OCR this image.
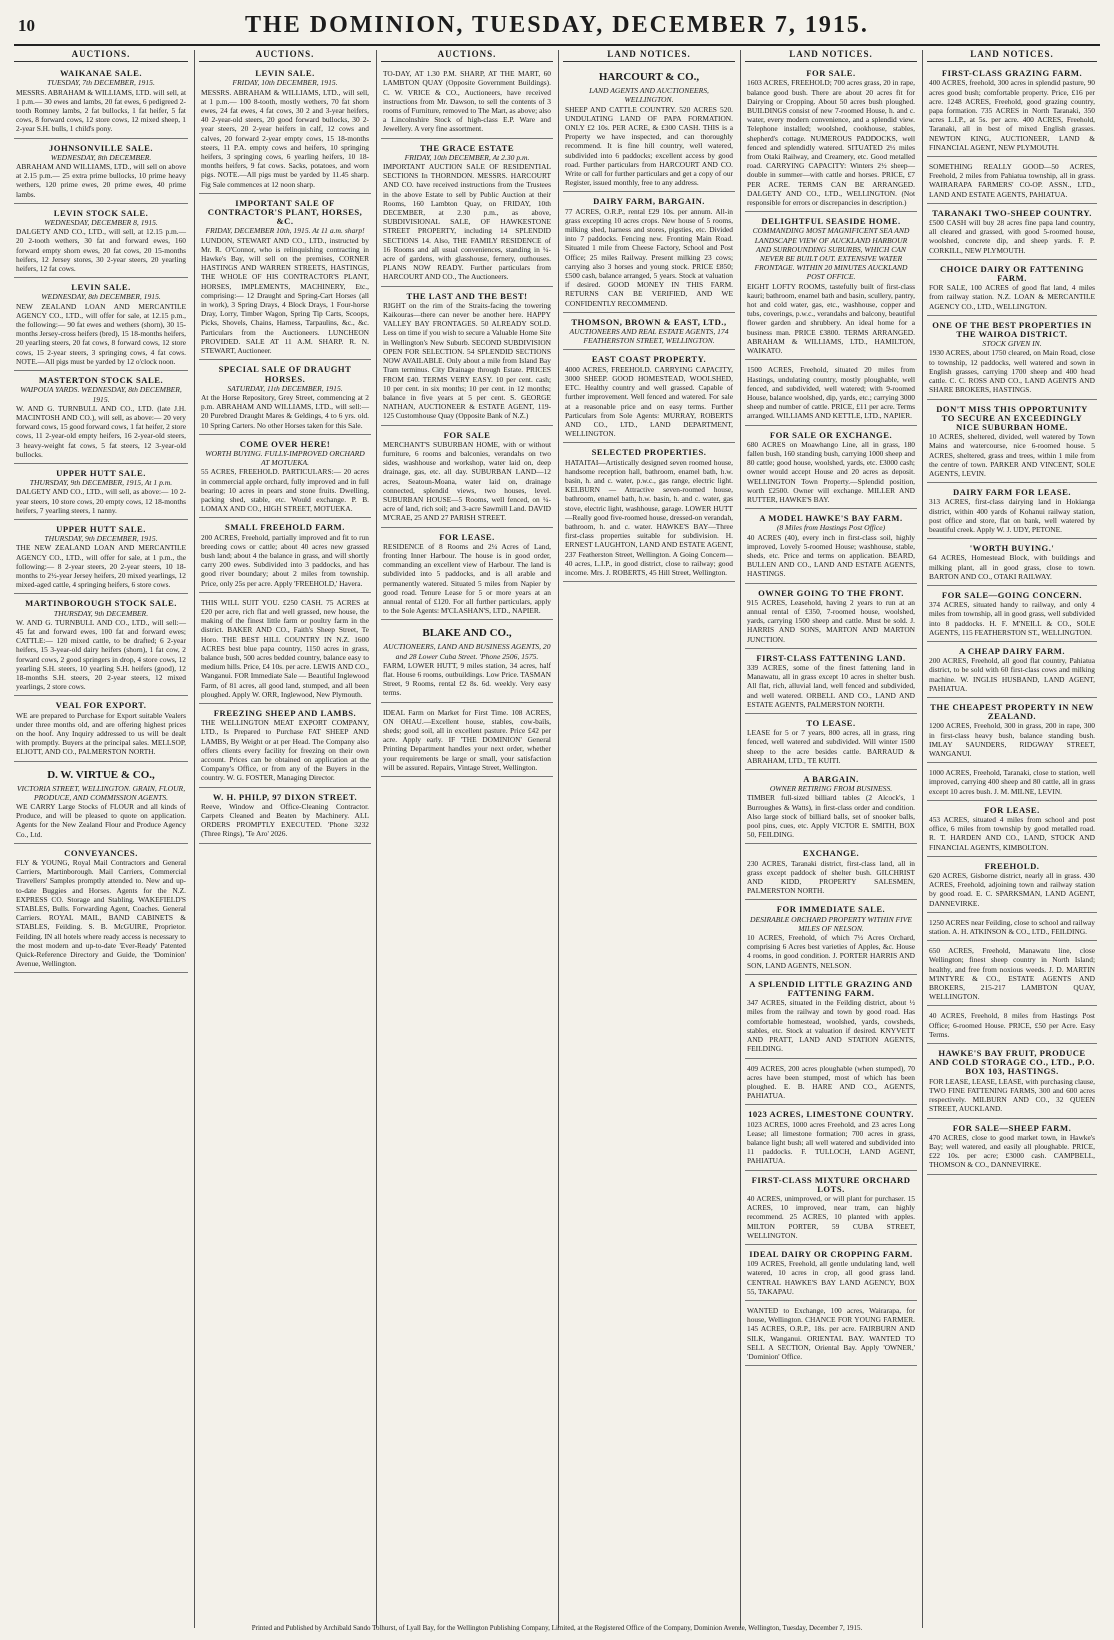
10	THE DOMINION, TUESDAY, DECEMBER 7, 1915.
AUCTIONS.
WAIKANAE SALE.
TUESDAY, 7th DECEMBER, 1915.
MESSRS. ABRAHAM & WILLIAMS, LTD. will sell, at 1 p.m.— 30 ewes and lambs, 20 fat ewes, 6 pedigreed 2-tooth Romney lambs, 2 fat bullocks, 1 fat heifer, 5 fat cows, 8 forward cows, 12 store cows, 12 mixed sheep, 1 2-year S.H. bulls, 1 child's pony.
JOHNSONVILLE SALE.
WEDNESDAY, 8th DECEMBER.
ABRAHAM AND WILLIAMS, LTD., will sell on above at 2.15 p.m.— 25 extra prime bullocks, 10 prime heavy wethers, 120 prime ewes, 20 prime ewes, 40 prime lambs.
LEVIN STOCK SALE.
WEDNESDAY, DECEMBER 8, 1915.
DALGETY AND CO., LTD., will sell, at 12.15 p.m.— 20 2-tooth wethers, 30 fat and forward ewes, 160 forward empty shorn ewes, 20 fat cows, 20 15-months heifers, 12 Jersey stores, 30 2-year steers, 20 yearling heifers, 12 fat cows.
LEVIN SALE.
WEDNESDAY, 8th DECEMBER, 1915.
NEW ZEALAND LOAN AND MERCANTILE AGENCY CO., LTD., will offer for sale, at 12.15 p.m., the following:— 90 fat ewes and wethers (shorn), 30 15-months Jersey-cross heifers (bred), 15 18-months heifers, 20 yearling steers, 20 fat cows, 8 forward cows, 12 store cows, 15 2-year steers, 3 springing cows, 4 fat cows. NOTE.—All pigs must be yarded by 12 o'clock noon.
MASTERTON STOCK SALE.
WAIPOUA YARDS. WEDNESDAY, 8th DECEMBER, 1915.
W. AND G. TURNBULL AND CO., LTD. (late J.H. MACINTOSH AND CO.), will sell, as above:— 20 very forward cows, 15 good forward cows, 1 fat heifer, 2 store cows, 11 2-year-old empty heifers, 16 2-year-old steers, 3 heavy-weight fat cows, 5 fat steers, 12 3-year-old bullocks.
UPPER HUTT SALE.
THURSDAY, 9th DECEMBER, 1915, At 1 p.m.
DALGETY AND CO., LTD., will sell, as above:— 10 2-year steers, 10 store cows, 20 empty cows, 12 18-months heifers, 7 yearling steers, 1 nanny.
UPPER HUTT SALE.
THURSDAY, 9th DECEMBER, 1915.
THE NEW ZEALAND LOAN AND MERCANTILE AGENCY CO., LTD., will offer for sale, at 1 p.m., the following:— 8 2-year steers, 20 2-year steers, 10 18-months to 2½-year Jersey heifers, 20 mixed yearlings, 12 mixed-aged cattle, 4 springing heifers, 6 store cows.
MARTINBOROUGH STOCK SALE.
THURSDAY, 9th DECEMBER.
W. AND G. TURNBULL AND CO., LTD., will sell:— 45 fat and forward ewes, 100 fat and forward ewes; CATTLE:— 120 mixed cattle, to be drafted; 6 2-year heifers, 15 3-year-old dairy heifers (shorn), 1 fat cow, 2 forward cows, 2 good springers in drop, 4 store cows, 12 yearling S.H. steers, 10 yearling S.H. heifers (good), 12 18-months S.H. steers, 20 2-year steers, 12 mixed yearlings, 2 store cows.
VEAL FOR EXPORT.
WE are prepared to Purchase for Export suitable Vealers under three months old, and are offering highest prices on the hoof. Any Inquiry addressed to us will be dealt with promptly. Buyers at the principal sales. MELLSOP, ELIOTT, AND CO., PALMERSTON NORTH.
D. W. VIRTUE & CO.,
VICTORIA STREET, WELLINGTON. GRAIN, FLOUR, PRODUCE, AND COMMISSION AGENTS.
WE CARRY Large Stocks of FLOUR and all kinds of Produce, and will be pleased to quote on application. Agents for the New Zealand Flour and Produce Agency Co., Ltd.
CONVEYANCES.
FLY & YOUNG, Royal Mail Contractors and General Carriers, Martinborough. Mail Carriers, Commercial Travellers' Samples promptly attended to. New and up-to-date Buggies and Horses. Agents for the N.Z. EXPRESS CO. Storage and Stabling. WAKEFIELD'S STABLES, Bulls. Forwarding Agent, Coaches. General Carriers. ROYAL MAIL, BAND CABINETS & STABLES, Feilding. S. B. McGUIRE, Proprietor. Feilding. IN all hotels where ready access is necessary to the most modern and up-to-date 'Ever-Ready' Patented Quick-Reference Directory and Guide, the 'Dominion' Avenue, Wellington.
AUCTIONS.
LEVIN SALE.
FRIDAY, 10th DECEMBER, 1915.
MESSRS. ABRAHAM & WILLIAMS, LTD., will sell, at 1 p.m.— 100 8-tooth, mostly wethers, 70 fat shorn ewes, 24 fat ewes, 4 fat cows, 30 2 and 3-year heifers, 40 2-year-old steers, 20 good forward bullocks, 30 2-year steers, 20 2-year heifers in calf, 12 cows and calves, 20 forward 2-year empty cows, 15 18-months steers, 11 P.A. empty cows and heifers, 10 springing heifers, 3 springing cows, 6 yearling heifers, 10 18-months heifers, 9 fat cows. Sacks, potatoes, and worn pigs. NOTE.—All pigs must be yarded by 11.45 sharp. Fig Sale commences at 12 noon sharp.
IMPORTANT SALE OF CONTRACTOR'S PLANT, HORSES, &C.
FRIDAY, DECEMBER 10th, 1915. At 11 a.m. sharp!
LUNDON, STEWART AND CO., LTD., instructed by Mr. R. O'Connor, who is relinquishing contracting in Hawke's Bay, will sell on the premises, CORNER HASTINGS AND WARREN STREETS, HASTINGS, THE WHOLE OF HIS CONTRACTOR'S PLANT, HORSES, IMPLEMENTS, MACHINERY, Etc., comprising:— 12 Draught and Spring-Cart Horses (all in work), 3 Spring Drays, 4 Block Drays, 1 Four-horse Dray, Lorry, Timber Wagon, Spring Tip Carts, Scoops, Picks, Shovels, Chains, Harness, Tarpaulins, &c., &c. Particulars from the Auctioneers. LUNCHEON PROVIDED. SALE AT 11 A.M. SHARP. R. N. STEWART, Auctioneer.
SPECIAL SALE OF DRAUGHT HORSES.
SATURDAY, 11th DECEMBER, 1915.
At the Horse Repository, Grey Street, commencing at 2 p.m. ABRAHAM AND WILLIAMS, LTD., will sell:— 20 Purebred Draught Mares & Geldings, 4 to 6 yrs. old. 10 Spring Carters. No other Horses taken for this Sale.
COME OVER HERE!
WORTH BUYING. FULLY-IMPROVED ORCHARD AT MOTUEKA.
55 ACRES, FREEHOLD. PARTICULARS:— 20 acres in commercial apple orchard, fully improved and in full bearing; 10 acres in pears and stone fruits. Dwelling, packing shed, stable, etc. Would exchange. P. B. LOMAX AND CO., HIGH STREET, MOTUEKA.
SMALL FREEHOLD FARM.
200 ACRES, Freehold, partially improved and fit to run breeding cows or cattle; about 40 acres new grassed bush land; about 4 the balance in grass, and will shortly carry 200 ewes. Subdivided into 3 paddocks, and has good river boundary; about 2 miles from township. Price, only 25s per acre. Apply 'FREEHOLD,' Havera.
THIS WILL SUIT YOU. £250 CASH. 75 ACRES at £20 per acre, rich flat and well grassed, new house, the making of the finest little farm or poultry farm in the district. BAKER AND CO., Faith's Sheep Street, Te Horo. THE BEST HILL COUNTRY IN N.Z. 1600 ACRES best blue papa country, 1150 acres in grass, balance bush, 500 acres bedded country, balance easy to medium hills. Price, £4 10s. per acre. LEWIS AND CO., Wanganui. FOR Immediate Sale — Beautiful Inglewood Farm, of 81 acres, all good land, stumped, and all been ploughed. Apply W. ORR, Inglewood, New Plymouth.
FREEZING SHEEP AND LAMBS.
THE WELLINGTON MEAT EXPORT COMPANY, LTD., Is Prepared to Purchase FAT SHEEP AND LAMBS, By Weight or at per Head. The Company also offers clients every facility for freezing on their own account. Prices can be obtained on application at the Company's Office, or from any of the Buyers in the country. W. G. FOSTER, Managing Director.
W. H. PHILP, 97 DIXON STREET.
Reeve, Window and Office-Cleaning Contractor. Carpets Cleaned and Beaten by Machinery. ALL ORDERS PROMPTLY EXECUTED. 'Phone 3232 (Three Rings), 'Te Aro' 2026.
AUCTIONS.
TO-DAY, AT 1.30 P.M. SHARP, AT THE MART, 60 LAMBTON QUAY (Opposite Government Buildings). C. W. VRICE & CO., Auctioneers, have received instructions from Mr. Dawson, to sell the contents of 3 rooms of Furniture, removed to The Mart, as above; also a Lincolnshire Stock of high-class E.P. Ware and Jewellery. A very fine assortment.
THE GRACE ESTATE
FRIDAY, 10th DECEMBER, At 2.30 p.m.
IMPORTANT AUCTION SALE OF RESIDENTIAL SECTIONS In THORNDON. MESSRS. HARCOURT AND CO. have received instructions from the Trustees in the above Estate to sell by Public Auction at their Rooms, 160 Lambton Quay, on FRIDAY, 10th DECEMBER, at 2.30 p.m., as above, SUBDIVISIONAL SALE, OF HAWKESTONE STREET PROPERTY, including 14 SPLENDID SECTIONS 14. Also, THE FAMILY RESIDENCE of 16 Rooms and all usual conveniences, standing in ¼-acre of gardens, with glasshouse, fernery, outhouses. PLANS NOW READY. Further particulars from HARCOURT AND CO., The Auctioneers.
THE LAST AND THE BEST!
RIGHT on the rim of the Straits-facing the towering Kaikouras—there can never be another here. HAPPY VALLEY BAY FRONTAGES. 50 ALREADY SOLD. Less on time if you wish to secure a Valuable Home Site in Wellington's New Suburb. SECOND SUBDIVISION OPEN FOR SELECTION. 54 SPLENDID SECTIONS NOW AVAILABLE. Only about a mile from Island Bay Tram terminus. City Drainage through Estate. PRICES FROM £40. TERMS VERY EASY. 10 per cent. cash; 10 per cent. in six months; 10 per cent. in 12 months; balance in five years at 5 per cent. S. GEORGE NATHAN, AUCTIONEER & ESTATE AGENT, 119-125 Customhouse Quay (Opposite Bank of N.Z.)
FOR SALE
MERCHANT'S SUBURBAN HOME, with or without furniture, 6 rooms and balconies, verandahs on two sides, washhouse and workshop, water laid on, deep drainage, gas, etc. all day. SUBURBAN LAND—12 acres, Seatoun-Moana, water laid on, drainage connected, splendid views, two houses, level. SUBURBAN HOUSE—5 Rooms, well fenced, on ¼-acre of land, rich soil; and 3-acre Sawmill Land. DAVID M'CRAE, 25 AND 27 PARISH STREET.
FOR LEASE.
RESIDENCE of 8 Rooms and 2¼ Acres of Land, fronting Inner Harbour. The house is in good order, commanding an excellent view of Harbour. The land is subdivided into 5 paddocks, and is all arable and permanently watered. Situated 5 miles from Napier by good road. Tenure Lease for 5 or more years at an annual rental of £120. For all further particulars, apply to the Sole Agents: M'CLASHAN'S, LTD., NAPIER.
BLAKE AND CO.,
AUCTIONEERS, LAND AND BUSINESS AGENTS, 20 and 28 Lower Cuba Street. 'Phone 2506, 1575.
FARM, LOWER HUTT, 9 miles station, 34 acres, half flat. House 6 rooms, outbuildings. Low Price. TASMAN Street, 9 Rooms, rental £2 8s. 6d. weekly. Very easy terms.
IDEAL Farm on Market for First Time. 108 ACRES, ON OHAU.—Excellent house, stables, cow-bails, sheds; good soil, all in excellent pasture. Price £42 per acre. Apply early. IF 'THE DOMINION' General Printing Department handles your next order, whether your requirements be large or small, your satisfaction will be assured. Repairs, Vintage Street, Wellington.
LAND NOTICES.
HARCOURT & CO.,
LAND AGENTS AND AUCTIONEERS, WELLINGTON.
SHEEP AND CATTLE COUNTRY. 520 ACRES 520. UNDULATING LAND OF PAPA FORMATION. ONLY £2 10s. PER ACRE, & £300 CASH. THIS is a Property we have inspected, and can thoroughly recommend. It is fine hill country, well watered, subdivided into 6 paddocks; excellent access by good road. Further particulars from HARCOURT AND CO. Write or call for further particulars and get a copy of our Register, issued monthly, free to any address.
DAIRY FARM, BARGAIN.
77 ACRES, O.R.P., rental £29 10s. per annum. All-in grass excepting 10 acres crops. New house of 5 rooms, milking shed, harness and stores, pigsties, etc. Divided into 7 paddocks. Fencing new. Fronting Main Road. Situated 1 mile from Cheese Factory, School and Post Office; 25 miles Railway. Present milking 23 cows; carrying also 3 horses and young stock. PRICE £850; £500 cash, balance arranged, 5 years. Stock at valuation if desired. GOOD MONEY IN THIS FARM. RETURNS CAN BE VERIFIED, AND WE CONFIDENTLY RECOMMEND.
THOMSON, BROWN & EAST, LTD.,
AUCTIONEERS AND REAL ESTATE AGENTS, 174 FEATHERSTON STREET, WELLINGTON.
EAST COAST PROPERTY.
4000 ACRES, FREEHOLD. CARRYING CAPACITY, 3000 SHEEP. GOOD HOMESTEAD, WOOLSHED, ETC. Healthy country and well grassed. Capable of further improvement. Well fenced and watered. For sale at a reasonable price and on easy terms. Further Particulars from Sole Agents: MURRAY, ROBERTS AND CO., LTD., LAND DEPARTMENT, WELLINGTON.
SELECTED PROPERTIES.
HATAITAI—Artistically designed seven roomed house, handsome reception hall, bathroom, enamel bath, h.w. basin, h. and c. water, p.w.c., gas range, electric light. KELBURN — Attractive seven-roomed house, bathroom, enamel bath, h.w. basin, h. and c. water, gas stove, electric light, washhouse, garage. LOWER HUTT—Really good five-roomed house, dressed-on verandah, bathroom, h. and c. water. HAWKE'S BAY—Three first-class properties suitable for subdivision. H. ERNEST LAUGHTON, LAND AND ESTATE AGENT, 237 Featherston Street, Wellington. A Going Concern—40 acres, L.I.P., in good district, close to railway; good income. Mrs. J. ROBERTS, 45 Hill Street, Wellington.
LAND NOTICES.
FOR SALE.
1603 ACRES, FREEHOLD; 700 acres grass, 20 in rape, balance good bush. There are about 20 acres fit for Dairying or Cropping. About 50 acres bush ploughed. BUILDINGS consist of new 7-roomed House, h. and c. water, every modern convenience, and a splendid view. Telephone installed; woolshed, cookhouse, stables, shepherd's cottage. NUMEROUS PADDOCKS, well fenced and splendidly watered. SITUATED 2½ miles from Otaki Railway, and Creamery, etc. Good metalled road. CARRYING CAPACITY: Winters 2½ sheep—double in summer—with cattle and horses. PRICE, £7 PER ACRE. TERMS CAN BE ARRANGED. DALGETY AND CO., LTD., WELLINGTON. (Not responsible for errors or discrepancies in description.)
DELIGHTFUL SEASIDE HOME.
COMMANDING MOST MAGNIFICENT SEA AND LANDSCAPE VIEW OF AUCKLAND HARBOUR AND SURROUNDING SUBURBS, WHICH CAN NEVER BE BUILT OUT. EXTENSIVE WATER FRONTAGE. WITHIN 20 MINUTES AUCKLAND POST OFFICE.
EIGHT LOFTY ROOMS, tastefully built of first-class kauri; bathroom, enamel bath and basin, scullery, pantry, hot and cold water, gas, etc., washhouse, copper and tubs, coverings, p.w.c., verandahs and balcony, beautiful flower garden and shrubbery. An ideal home for a business man. PRICE £3800. TERMS ARRANGED. ABRAHAM & WILLIAMS, LTD., HAMILTON, WAIKATO.
1500 ACRES, Freehold, situated 20 miles from Hastings, undulating country, mostly ploughable, well fenced, and subdivided, well watered; with 9-roomed House, balance woolshed, dip, yards, etc.; carrying 3000 sheep and number of cattle. PRICE, £11 per acre. Terms arranged. WILLIAMS AND KETTLE, LTD., NAPIER.
FOR SALE OR EXCHANGE.
680 ACRES on Moawhango Line, all in grass, 180 fallen bush, 160 standing bush, carrying 1000 sheep and 80 cattle; good house, woolshed, yards, etc. £3000 cash; owner would accept House and 20 acres as deposit. WELLINGTON Town Property.—Splendid position, worth £2500. Owner will exchange. MILLER AND RUTTER, HAWKE'S BAY.
A MODEL HAWKE'S BAY FARM.
(8 Miles from Hastings Post Office)
40 ACRES (40), every inch in first-class soil, highly improved, Lovely 5-roomed House; washhouse, stable, sheds, etc. Price and terms on application. BEARD, BULLEN AND CO., LAND AND ESTATE AGENTS, HASTINGS.
OWNER GOING TO THE FRONT.
915 ACRES, Leasehold, having 2 years to run at an annual rental of £350, 7-roomed house, woolshed, yards, carrying 1500 sheep and cattle. Must be sold. J. HARRIS AND SONS, MARTON AND MARTON JUNCTION.
FIRST-CLASS FATTENING LAND.
339 ACRES, some of the finest fattening land in Manawatu, all in grass except 10 acres in shelter bush. All flat, rich, alluvial land, well fenced and subdivided, and well watered. ORBELL AND CO., LAND AND ESTATE AGENTS, PALMERSTON NORTH.
TO LEASE.
LEASE for 5 or 7 years, 800 acres, all in grass, ring fenced, well watered and subdivided. Will winter 1500 sheep to the acre besides cattle. BARRAUD & ABRAHAM, LTD., TE KUITI.
A BARGAIN.
OWNER RETIRING FROM BUSINESS.
TIMBER full-sized billiard tables (2 Alcock's, 1 Burroughes & Watts), in first-class order and condition. Also large stock of billiard balls, set of snooker balls, pool pins, cues, etc. Apply VICTOR E. SMITH, BOX 50, FEILDING.
EXCHANGE.
230 ACRES, Taranaki district, first-class land, all in grass except paddock of shelter bush. GILCHRIST AND KIDD, PROPERTY SALESMEN, PALMERSTON NORTH.
FOR IMMEDIATE SALE.
DESIRABLE ORCHARD PROPERTY WITHIN FIVE MILES OF NELSON.
10 ACRES, Freehold, of which 7½ Acres Orchard, comprising 6 Acres best varieties of Apples, &c. House 4 rooms, in good condition. J. PORTER HARRIS AND SON, LAND AGENTS, NELSON.
A SPLENDID LITTLE GRAZING AND FATTENING FARM.
347 ACRES, situated in the Feilding district, about ½ miles from the railway and town by good road. Has comfortable homestead, woolshed, yards, cowsheds, stables, etc. Stock at valuation if desired. KNYVETT AND PRATT, LAND AND STATION AGENTS, FEILDING.
409 ACRES, 200 acres ploughable (when stumped), 70 acres have been stumped, most of which has been ploughed. E. B. HARE AND CO., AGENTS, PAHIATUA.
1023 ACRES, LIMESTONE COUNTRY.
1023 ACRES, 1000 acres Freehold, and 23 acres Long Lease; all limestone formation; 700 acres in grass, balance light bush; all well watered and subdivided into 11 paddocks. F. TULLOCH, LAND AGENT, PAHIATUA.
FIRST-CLASS MIXTURE ORCHARD LOTS.
40 ACRES, unimproved, or will plant for purchaser. 15 ACRES, 10 improved, near tram, can highly recommend. 25 ACRES, 10 planted with apples. MILTON PORTER, 59 CUBA STREET, WELLINGTON.
IDEAL DAIRY OR CROPPING FARM.
109 ACRES, Freehold, all gentle undulating land, well watered, 10 acres in crop, all good grass land. CENTRAL HAWKE'S BAY LAND AGENCY, BOX 55, TAKAPAU.
WANTED to Exchange, 100 acres, Wairarapa, for house, Wellington. CHANCE FOR YOUNG FARMER. 145 ACRES, O.R.P., 18s. per acre. FAIRBURN AND SILK, Wanganui. ORIENTAL BAY. WANTED TO SELL A SECTION, Oriental Bay. Apply 'OWNER,' 'Dominion' Office.
LAND NOTICES.
FIRST-CLASS GRAZING FARM.
400 ACRES, freehold, 300 acres in splendid pasture, 90 acres good bush; comfortable property. Price, £16 per acre. 1248 ACRES, Freehold, good grazing country, papa formation. 735 ACRES in North Taranaki, 350 acres L.I.P., at 5s. per acre. 400 ACRES, Freehold, Taranaki, all in best of mixed English grasses. NEWTON KING, AUCTIONEER, LAND & FINANCIAL AGENT, NEW PLYMOUTH.
SOMETHING REALLY GOOD—50 ACRES, Freehold, 2 miles from Pahiatua township, all in grass. WAIRARAPA FARMERS' CO-OP. ASSN., LTD., LAND AND ESTATE AGENTS, PAHIATUA.
TARANAKI TWO-SHEEP COUNTRY.
£500 CASH will buy 28 acres fine papa land country, all cleared and grassed, with good 5-roomed house, woolshed, concrete dip, and sheep yards. F. P. CORKILL, NEW PLYMOUTH.
CHOICE DAIRY OR FATTENING FARM.
FOR SALE, 100 ACRES of good flat land, 4 miles from railway station. N.Z. LOAN & MERCANTILE AGENCY CO., LTD., WELLINGTON.
ONE OF THE BEST PROPERTIES IN THE WAIROA DISTRICT.
STOCK GIVEN IN.
1930 ACRES, about 1750 cleared, on Main Road, close to township, 12 paddocks, well watered and sown in English grasses, carrying 1700 sheep and 400 head cattle. C. C. ROSS AND CO., LAND AGENTS AND SHARE BROKERS, HASTINGS.
DON'T MISS THIS OPPORTUNITY TO SECURE AN EXCEEDINGLY NICE SUBURBAN HOME.
10 ACRES, sheltered, divided, well watered by Town Mains and watercourse, nice 6-roomed house. 5 ACRES, sheltered, grass and trees, within 1 mile from the centre of town. PARKER AND VINCENT, SOLE AGENTS, LEVIN.
DAIRY FARM FOR LEASE.
313 ACRES, first-class dairying land in Hokianga district, within 400 yards of Kohanui railway station, post office and store, flat on bank, well watered by beautiful creek. Apply W. J. UDY, PETONE.
'WORTH BUYING.'
64 ACRES, Homestead Block, with buildings and milking plant, all in good grass, close to town. BARTON AND CO., OTAKI RAILWAY.
FOR SALE—GOING CONCERN.
374 ACRES, situated handy to railway, and only 4 miles from township, all in good grass, well subdivided into 8 paddocks. H. F. M'NEILL & CO., SOLE AGENTS, 115 FEATHERSTON ST., WELLINGTON.
A CHEAP DAIRY FARM.
200 ACRES, Freehold, all good flat country, Pahiatua district, to be sold with 60 first-class cows and milking machine. W. INGLIS HUSBAND, LAND AGENT, PAHIATUA.
THE CHEAPEST PROPERTY IN NEW ZEALAND.
1200 ACRES, Freehold, 300 in grass, 200 in rape, 300 in first-class heavy bush, balance standing bush. IMLAY SAUNDERS, RIDGWAY STREET, WANGANUI.
1000 ACRES, Freehold, Taranaki, close to station, well improved, carrying 400 sheep and 80 cattle, all in grass except 10 acres bush. J. M. MILNE, LEVIN.
FOR LEASE.
453 ACRES, situated 4 miles from school and post office, 6 miles from township by good metalled road. R. T. HARDEN AND CO., LAND, STOCK AND FINANCIAL AGENTS, KIMBOLTON.
FREEHOLD.
620 ACRES, Gisborne district, nearly all in grass. 430 ACRES, Freehold, adjoining town and railway station by good road. E. C. SPARKSMAN, LAND AGENT, DANNEVIRKE.
1250 ACRES near Feilding, close to school and railway station. A. H. ATKINSON & CO., LTD., FEILDING.
650 ACRES, Freehold, Manawatu line, close Wellington; finest sheep country in North Island; healthy, and free from noxious weeds. J. D. MARTIN M'INTYRE & CO., ESTATE AGENTS AND BROKERS, 215-217 LAMBTON QUAY, WELLINGTON.
40 ACRES, Freehold, 8 miles from Hastings Post Office; 6-roomed House. PRICE, £50 per Acre. Easy Terms.
HAWKE'S BAY FRUIT, PRODUCE AND COLD STORAGE CO., LTD., P.O. BOX 103, HASTINGS.
FOR LEASE, LEASE, LEASE, with purchasing clause, TWO FINE FATTENING FARMS, 300 and 600 acres respectively. MILBURN AND CO., 32 QUEEN STREET, AUCKLAND.
FOR SALE—SHEEP FARM.
470 ACRES, close to good market town, in Hawke's Bay; well watered, and easily all ploughable. PRICE, £22 10s. per acre; £3000 cash. CAMPBELL, THOMSON & CO., DANNEVIRKE.
Printed and Published by Archibald Sando Tolhurst, of Lyall Bay, for the Wellington Publishing Company, Limited, at the Registered Office of the Company, Dominion Avenue, Wellington, Tuesday, December 7, 1915.
